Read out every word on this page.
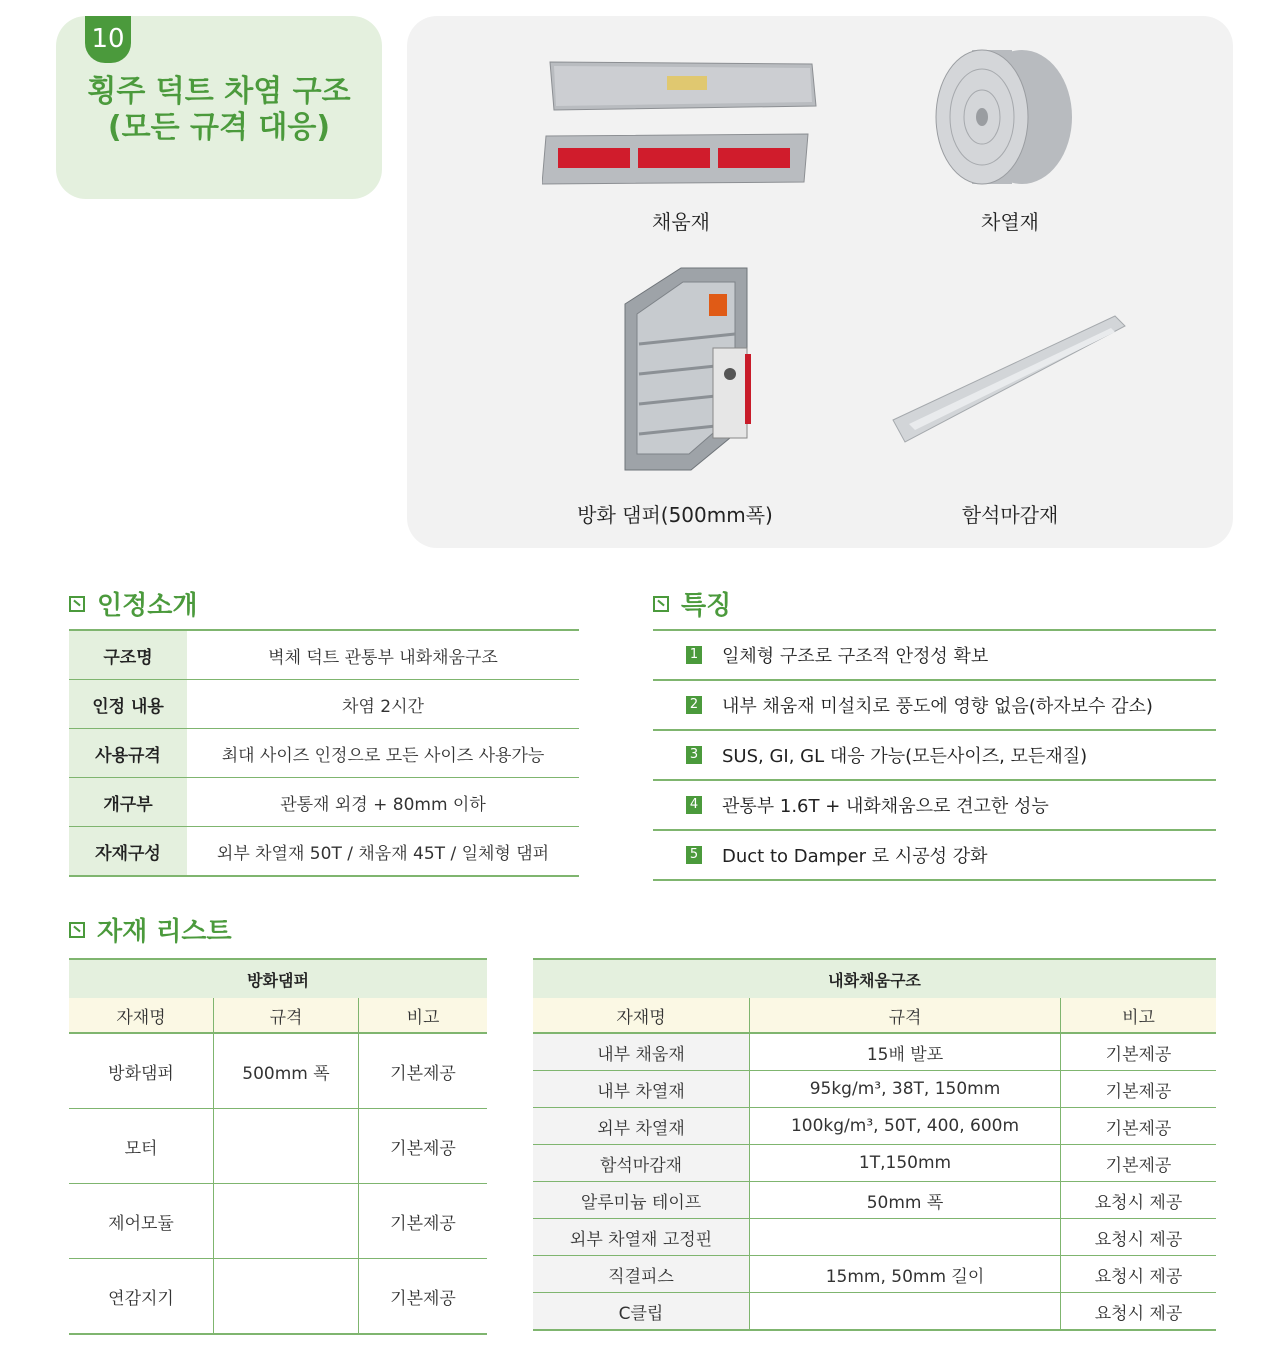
10
횡주 덕트 차염 구조
(모든 규격 대응)
채움재	차열재
방화 댐퍼(500mm폭)	함석마감재
인정소개
구조명	벽체 덕트 관통부 내화채움구조
인정 내용	차염 2시간
사용규격	최대 사이즈 인정으로 모든 사이즈 사용가능
개구부	관통재 외경 + 80mm 이하
자재구성	외부 차열재 50T / 채움재 45T / 일체형 댐퍼
특징
1 일체형 구조로 구조적 안정성 확보
2 내부 채움재 미설치로 풍도에 영향 없음(하자보수 감소)
3 SUS, GI, GL 대응 가능(모든사이즈, 모든재질)
4 관통부 1.6T + 내화채움으로 견고한 성능
5 Duct to Damper 로 시공성 강화
자재 리스트
방화댐퍼		
자재명	규격	비고
방화댐퍼	500mm 폭	기본제공
모터		기본제공
제어모듈		기본제공
연감지기		기본제공
내화채움구조		
자재명	규격	비고
내부 채움재	15배 발포	기본제공
내부 차열재	95kg/m³, 38T, 150mm	기본제공
외부 차열재	100kg/m³, 50T, 400, 600m	기본제공
함석마감재	1T,150mm	기본제공
알루미늄 테이프	50mm 폭	요청시 제공
외부 차열재 고정핀		요청시 제공
직결피스	15mm, 50mm 길이	요청시 제공
C클립		요청시 제공
